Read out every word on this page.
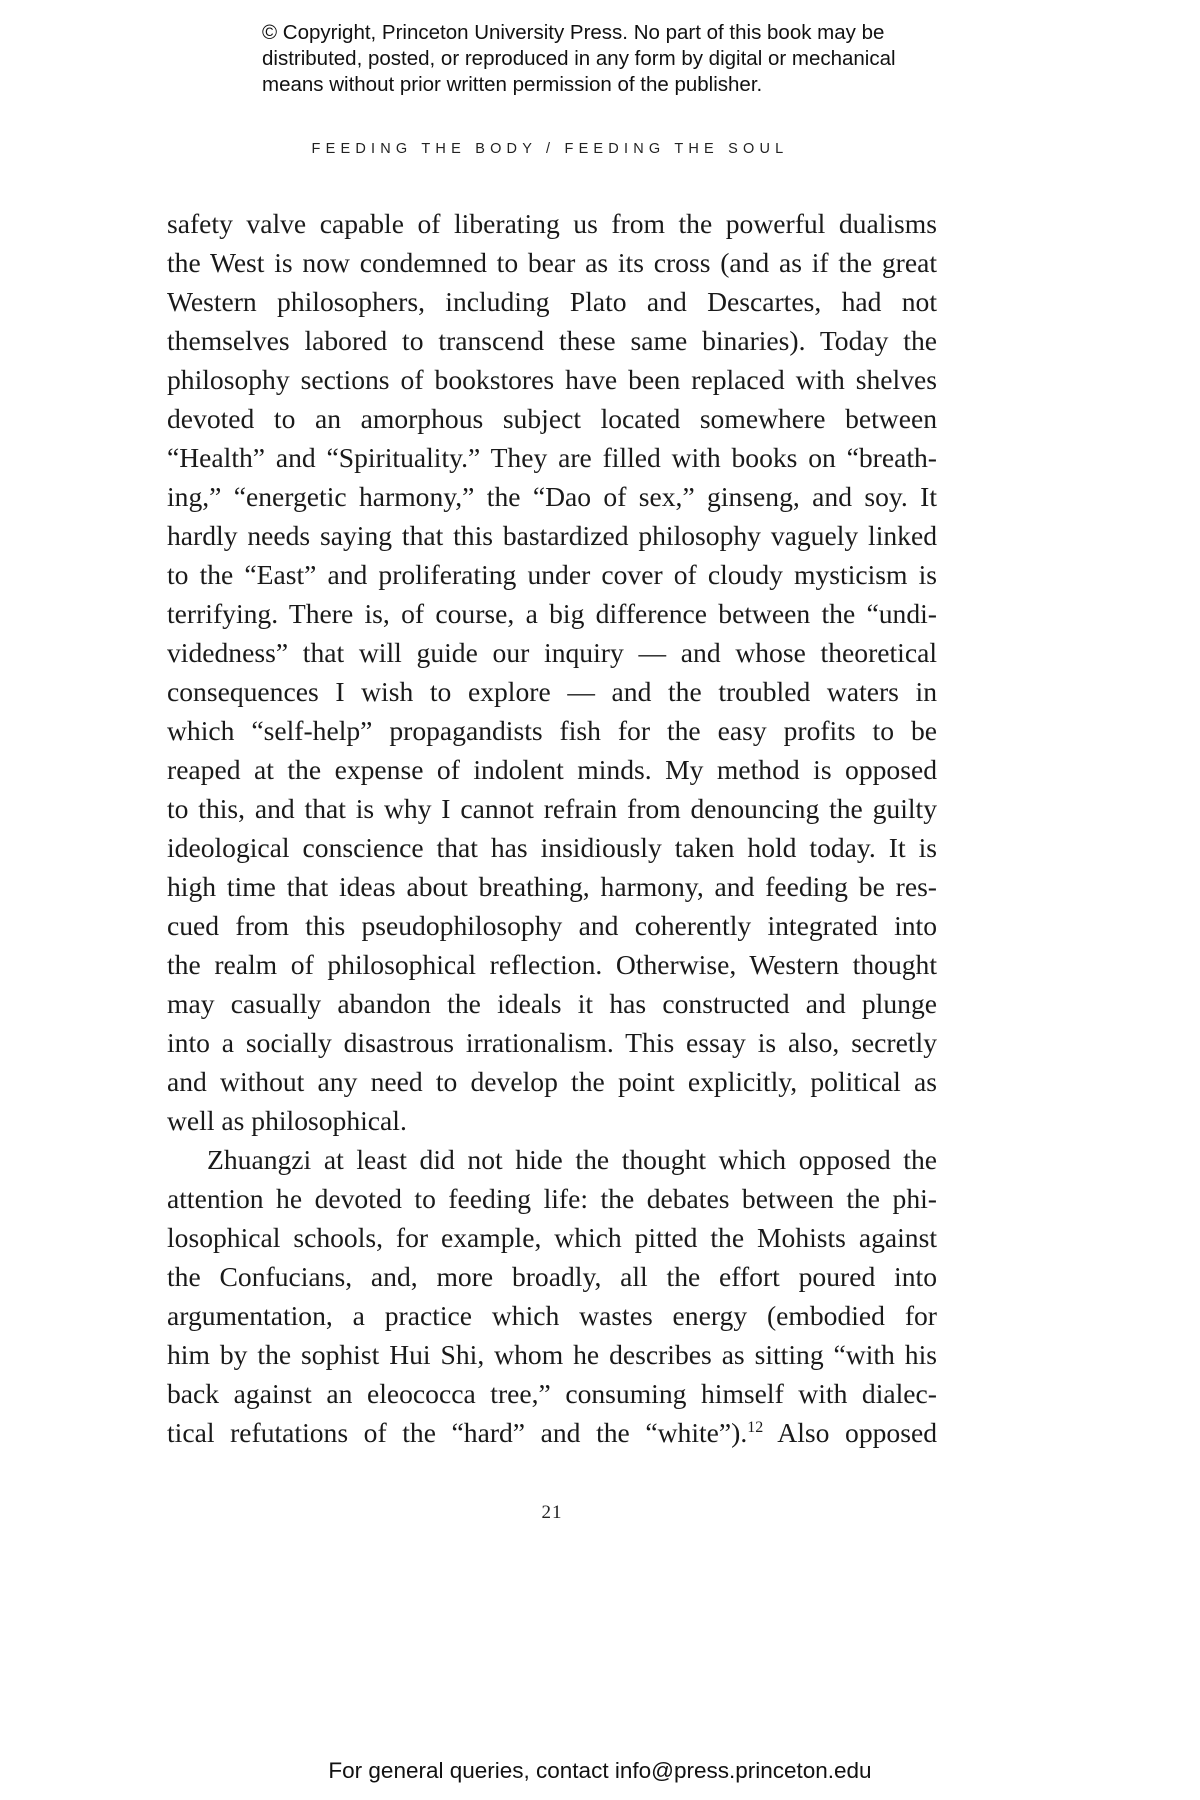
© Copyright, Princeton University Press. No part of this book may be
distributed, posted, or reproduced in any form by digital or mechanical
means without prior written permission of the publisher.
FEEDING THE BODY / FEEDING THE SOUL
safety valve capable of liberating us from the powerful dualisms
the West is now condemned to bear as its cross (and as if the great
Western philosophers, including Plato and Descartes, had not
themselves labored to transcend these same binaries). Today the
philosophy sections of bookstores have been replaced with shelves
devoted to an amorphous subject located somewhere between
“Health” and “Spirituality.” They are filled with books on “breath-
ing,” “energetic harmony,” the “Dao of sex,” ginseng, and soy. It
hardly needs saying that this bastardized philosophy vaguely linked
to the “East” and proliferating under cover of cloudy mysticism is
terrifying. There is, of course, a big difference between the “undi-
videdness” that will guide our inquiry — and whose theoretical
consequences I wish to explore — and the troubled waters in
which “self-help” propagandists fish for the easy profits to be
reaped at the expense of indolent minds. My method is opposed
to this, and that is why I cannot refrain from denouncing the guilty
ideological conscience that has insidiously taken hold today. It is
high time that ideas about breathing, harmony, and feeding be res-
cued from this pseudophilosophy and coherently integrated into
the realm of philosophical reflection. Otherwise, Western thought
may casually abandon the ideals it has constructed and plunge
into a socially disastrous irrationalism. This essay is also, secretly
and without any need to develop the point explicitly, political as
well as philosophical.
Zhuangzi at least did not hide the thought which opposed the
attention he devoted to feeding life: the debates between the phi-
losophical schools, for example, which pitted the Mohists against
the Confucians, and, more broadly, all the effort poured into
argumentation, a practice which wastes energy (embodied for
him by the sophist Hui Shi, whom he describes as sitting “with his
back against an eleococca tree,” consuming himself with dialec-
tical refutations of the “hard” and the “white”).$^{12}$ Also opposed
21
For general queries, contact info@press.princeton.edu
